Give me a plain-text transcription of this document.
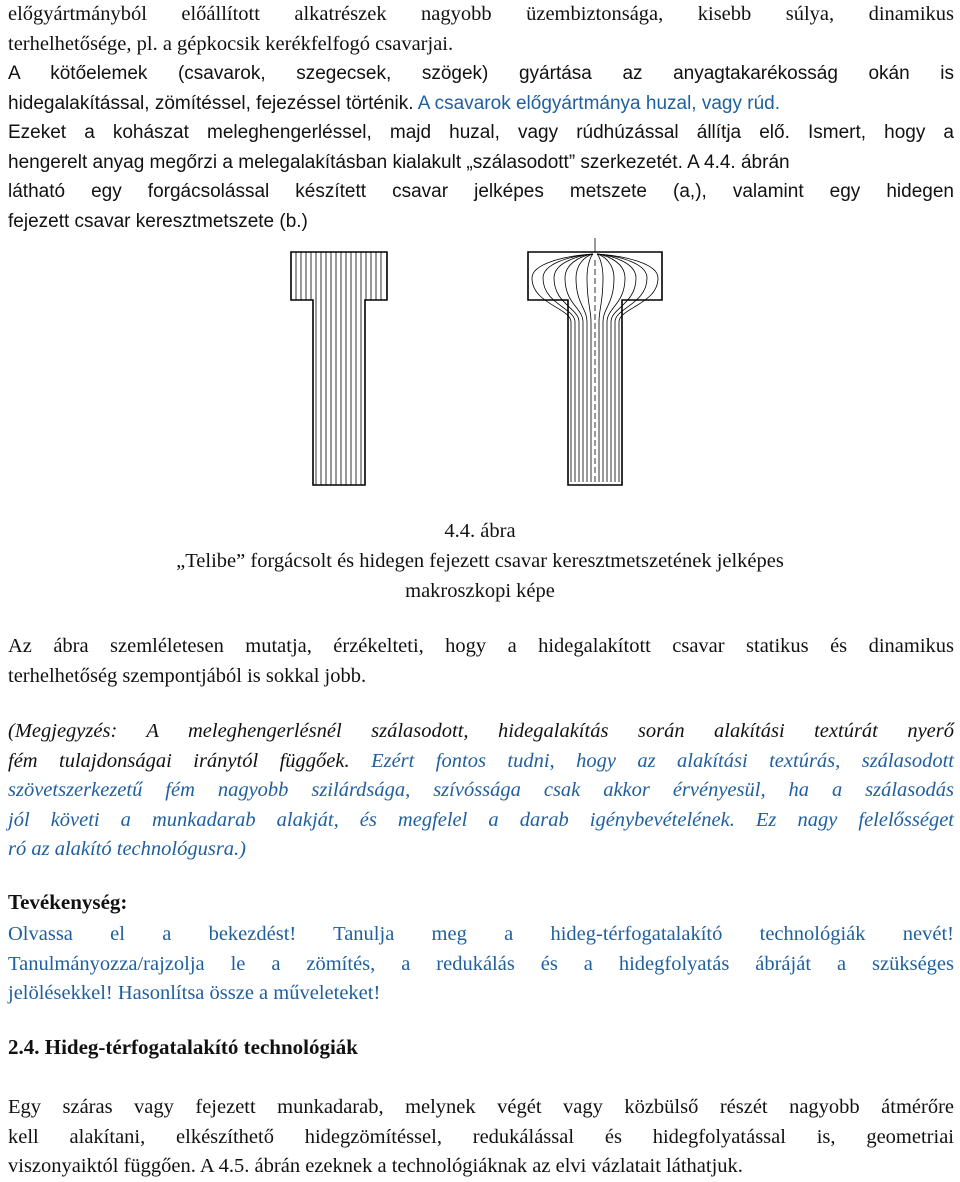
előgyártmányból előállított alkatrészek nagyobb üzembiztonsága, kisebb súlya, dinamikus
terhelhetősége, pl. a gépkocsik kerékfelfogó csavarjai.
A kötőelemek (csavarok, szegecsek, szögek) gyártása az anyagtakarékosság okán is
hidegalakítással, zömítéssel, fejezéssel történik. A csavarok előgyártmánya huzal, vagy rúd.
Ezeket a kohászat meleghengerléssel, majd huzal, vagy rúdhúzással állítja elő. Ismert, hogy a
hengerelt anyag megőrzi a melegalakításban kialakult „szálasodott” szerkezetét. A 4.4. ábrán
látható egy forgácsolással készített csavar jelképes metszete (a,), valamint egy hidegen
fejezett csavar keresztmetszete (b.)
4.4. ábra
„Telibe” forgácsolt és hidegen fejezett csavar keresztmetszetének jelképes
makroszkopi képe
Az ábra szemléletesen mutatja, érzékelteti, hogy a hidegalakított csavar statikus és dinamikus
terhelhetőség szempontjából is sokkal jobb.
(Megjegyzés: A meleghengerlésnél szálasodott, hidegalakítás során alakítási textúrát nyerő
fém tulajdonságai iránytól függőek. Ezért fontos tudni, hogy az alakítási textúrás, szálasodott
szövetszerkezetű fém nagyobb szilárdsága, szívóssága csak akkor érvényesül, ha a szálasodás
jól követi a munkadarab alakját, és megfelel a darab igénybevételének. Ez nagy felelősséget
ró az alakító technológusra.)
Tevékenység:
Olvassa el a bekezdést! Tanulja meg a hideg-térfogatalakító technológiák nevét!
Tanulmányozza/rajzolja le a zömítés, a redukálás és a hidegfolyatás ábráját a szükséges
jelölésekkel! Hasonlítsa össze a műveleteket!
2.4. Hideg-térfogatalakító technológiák
Egy száras vagy fejezett munkadarab, melynek végét vagy közbülső részét nagyobb átmérőre
kell alakítani, elkészíthető hidegzömítéssel, redukálással és hidegfolyatással is, geometriai
viszonyaiktól függően. A 4.5. ábrán ezeknek a technológiáknak az elvi vázlatait láthatjuk.
